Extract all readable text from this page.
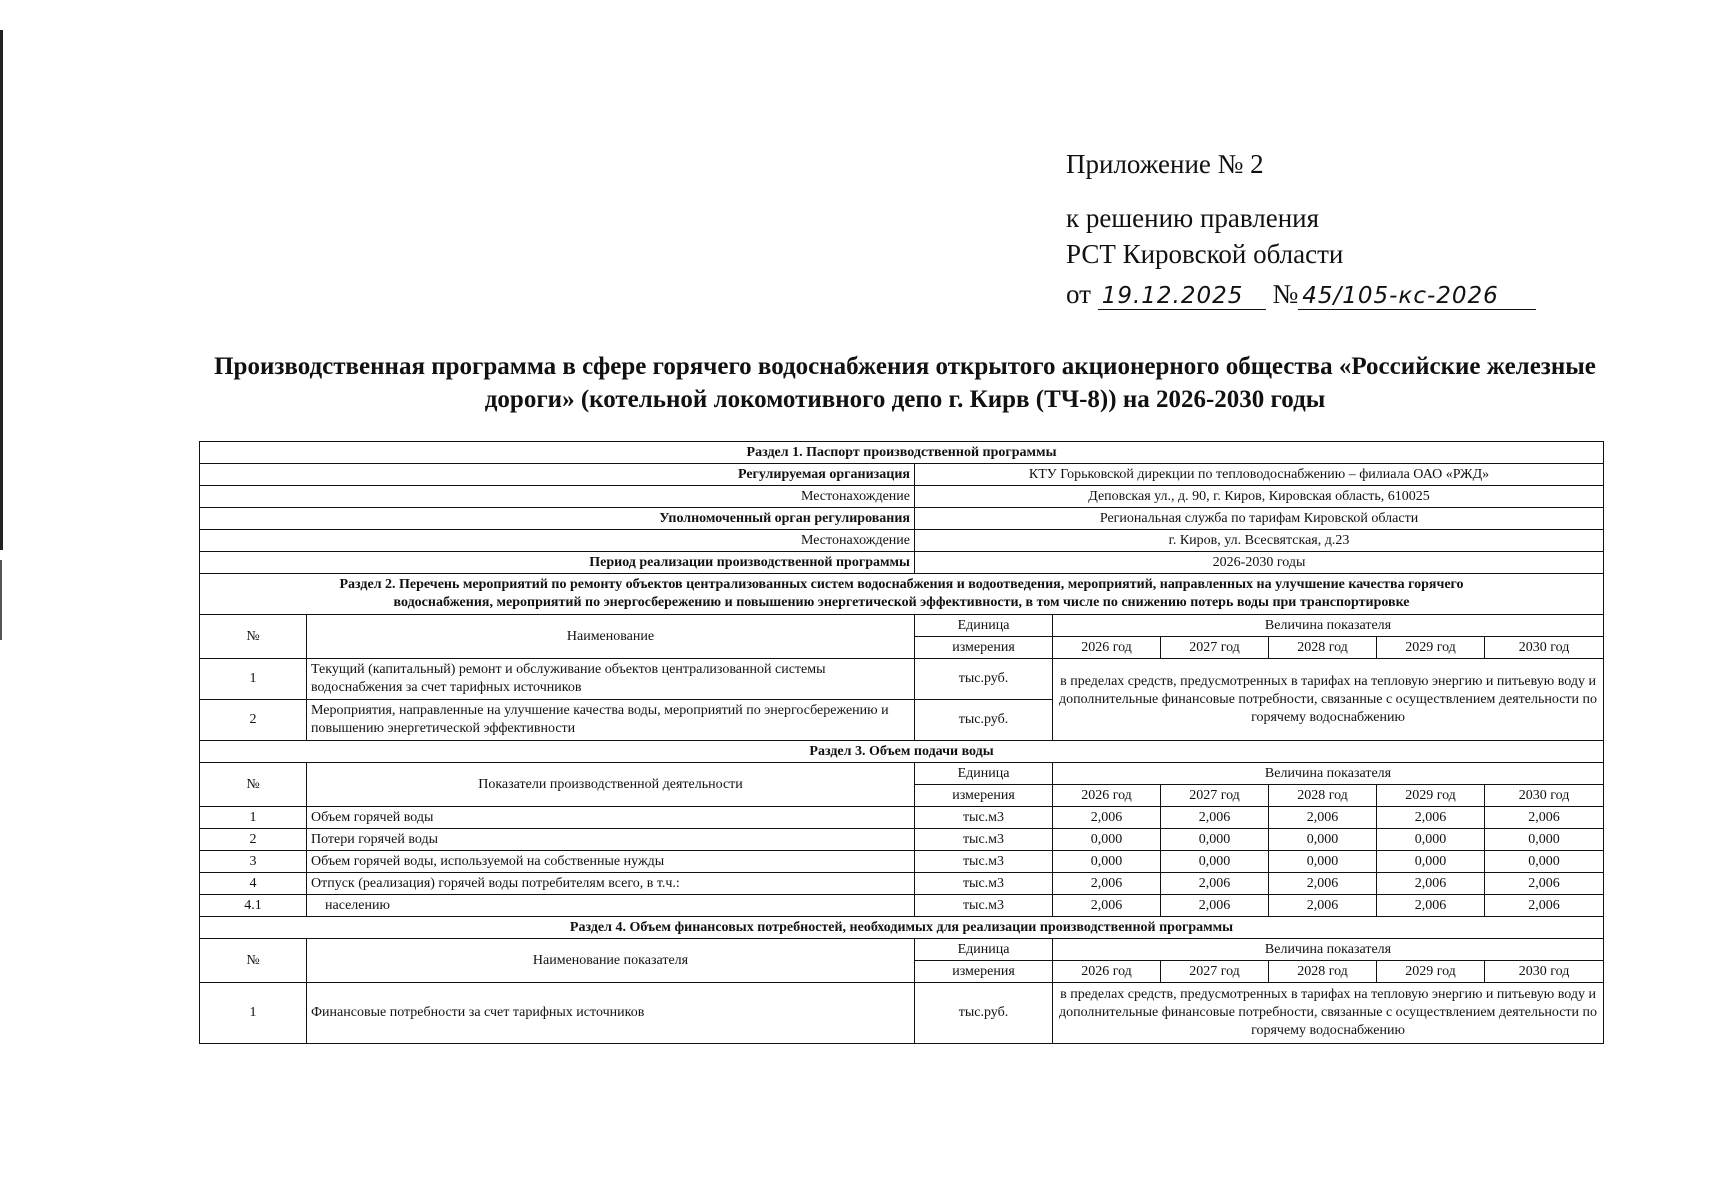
Приложение № 2
к решению правления
РСТ Кировской области
от 19.12.2025 № 45/105-кс-2026
Производственная программа в сфере горячего водоснабжения открытого акционерного общества «Российские железные дороги» (котельной локомотивного депо г. Кирв (ТЧ-8)) на 2026-2030 годы
Раздел 1. Паспорт производственной программы							
Регулируемая организация		КТУ Горьковской дирекции по тепловодоснабжению – филиала ОАО «РЖД»					
Местонахождение		Деповская ул., д. 90, г. Киров, Кировская область, 610025					
Уполномоченный орган регулирования		Региональная служба по тарифам Кировской области					
Местонахождение		г. Киров, ул. Всесвятская, д.23					
Период реализации производственной программы		2026-2030 годы					

Раздел 2. Перечень мероприятий по ремонту объектов централизованных систем водоснабжения и водоотведения, мероприятий, направленных на улучшение качества горячего
водоснабжения, мероприятий по энергосбережению и повышению энергетической эффективности, в том числе по снижению потерь воды при транспортировке							

№	Наименование	Единица	Величина показателя				
		измерения	2026 год	2027 год	2028 год	2029 год	2030 год
1	Текущий (капитальный) ремонт и обслуживание объектов централизованной системы водоснабжения за счет тарифных источников	тыс.руб.	в пределах средств, предусмотренных в тарифах на тепловую энергию и питьевую воду и дополнительные финансовые потребности, связанные с осуществлением деятельности по горячему водоснабжению				
2	Мероприятия, направленные на улучшение качества воды, мероприятий по энергосбережению и повышению энергетической эффективности	тыс.руб.					
Раздел 3. Объем подачи воды							
№	Показатели производственной деятельности	Единица	Величина показателя				
		измерения	2026 год	2027 год	2028 год	2029 год	2030 год
1	Объем горячей воды	тыс.м3	2,006	2,006	2,006	2,006	2,006
2	Потери горячей воды	тыс.м3	0,000	0,000	0,000	0,000	0,000
3	Объем горячей воды, используемой на собственные нужды	тыс.м3	0,000	0,000	0,000	0,000	0,000
4	Отпуск (реализация) горячей воды потребителям всего, в т.ч.:	тыс.м3	2,006	2,006	2,006	2,006	2,006
4.1	населению	тыс.м3	2,006	2,006	2,006	2,006	2,006
Раздел 4. Объем финансовых потребностей, необходимых для реализации производственной программы							
№	Наименование показателя	Единица	Величина показателя				
		измерения	2026 год	2027 год	2028 год	2029 год	2030 год
1	Финансовые потребности за счет тарифных источников	тыс.руб.	в пределах средств, предусмотренных в тарифах на тепловую энергию и питьевую воду и дополнительные финансовые потребности, связанные с осуществлением деятельности по горячему водоснабжению				
